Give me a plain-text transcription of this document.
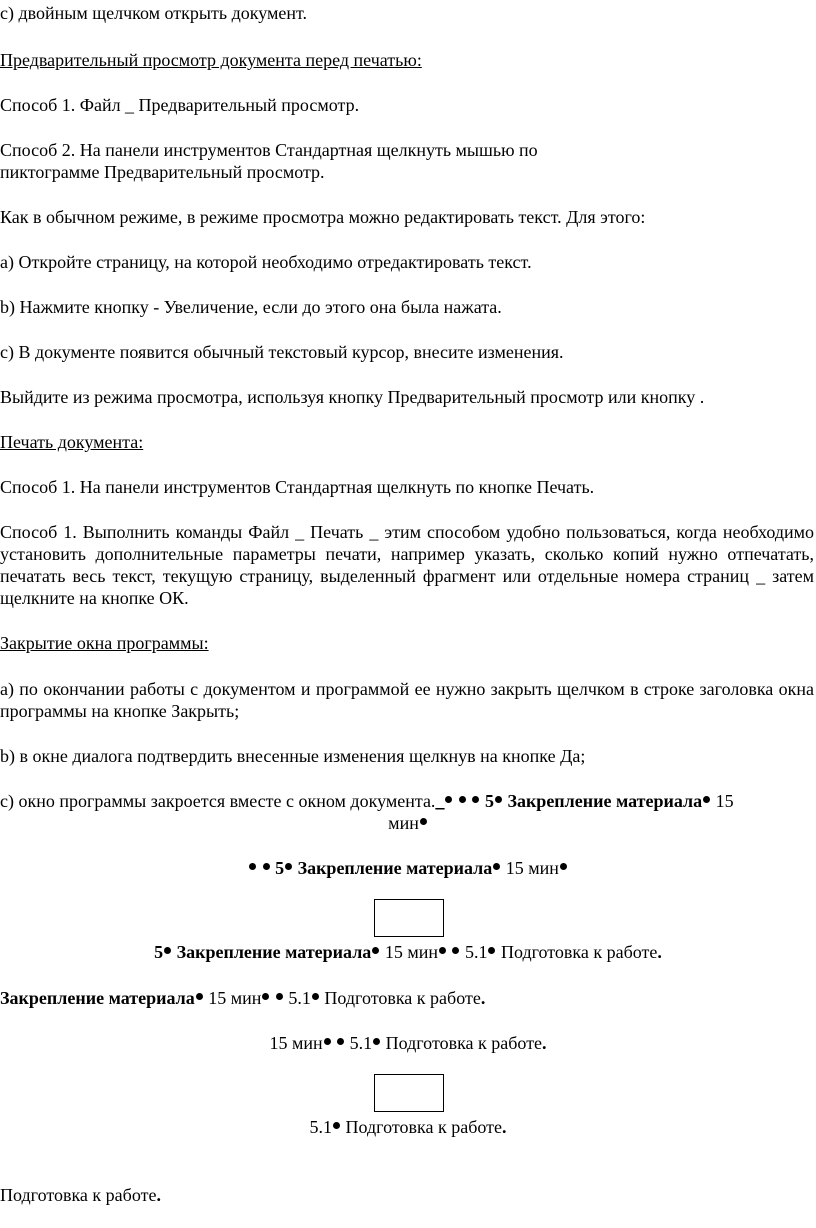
c) двойным щелчком открыть документ.
Предварительный просмотр документа перед печатью:
Способ 1. Файл _ Предварительный просмотр.
Способ 2. На панели инструментов Стандартная щелкнуть мышью по
пиктограмме Предварительный просмотр.
Как в обычном режиме, в режиме просмотра можно редактировать текст. Для этого:
a) Откройте страницу, на которой необходимо отредактировать текст.
b) Нажмите кнопку - Увеличение, если до этого она была нажата.
c) В документе появится обычный текстовый курсор, внесите изменения.
Выйдите из режима просмотра, используя кнопку Предварительный просмотр или кнопку .
Печать документа:
Способ 1. На панели инструментов Стандартная щелкнуть по кнопке Печать.
Способ 1. Выполнить команды Файл _ Печать _ этим способом удобно пользоваться, когда необходимо установить дополнительные параметры печати, например указать, сколько копий нужно отпечатать, печатать весь текст, текущую страницу, выделенный фрагмент или отдельные номера страниц _ затем щелкните на кнопке ОК.
Закрытие окна программы:
a) по окончании работы с документом и программой ее нужно закрыть щелчком в строке заголовка окна программы на кнопке Закрыть;
b) в окне диалога подтвердить внесенные изменения щелкнув на кнопке Да;
c) окно программы закроется вместе с окном документа._ 5 Закрепление материала 15
мин
5 Закрепление материала 15 мин
5 Закрепление материала 15 мин  5.1 Подготовка к работе.
Закрепление материала 15 мин  5.1 Подготовка к работе.
15 мин  5.1 Подготовка к работе.
5.1 Подготовка к работе.
Подготовка к работе.
